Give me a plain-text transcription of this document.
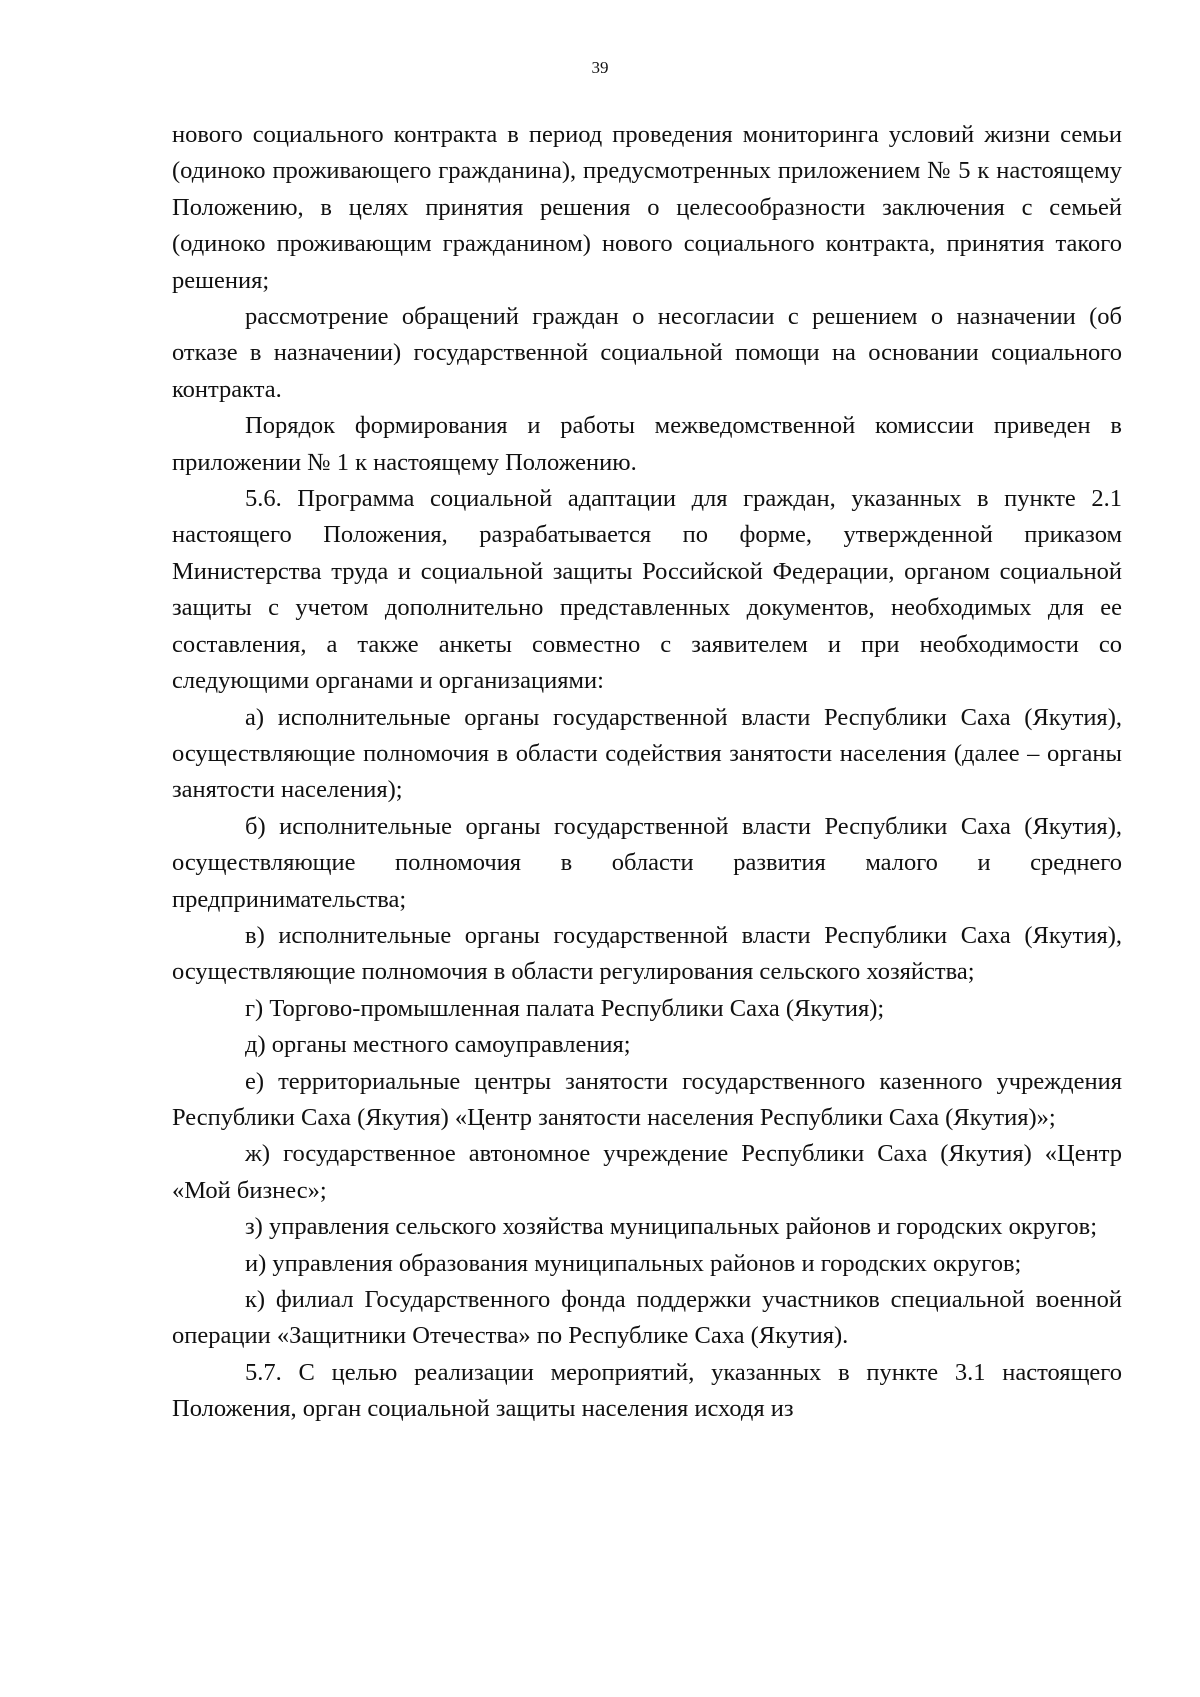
39

нового социального контракта в период проведения мониторинга условий жизни семьи (одиноко проживающего гражданина), предусмотренных приложением № 5 к настоящему Положению, в целях принятия решения о целесообразности заключения с семьей (одиноко проживающим гражданином) нового социального контракта, принятия такого решения;

рассмотрение обращений граждан о несогласии с решением о назначении (об отказе в назначении) государственной социальной помощи на основании социального контракта.

Порядок формирования и работы межведомственной комиссии приведен в приложении № 1 к настоящему Положению.

5.6. Программа социальной адаптации для граждан, указанных в пункте 2.1 настоящего Положения, разрабатывается по форме, утвержденной приказом Министерства труда и социальной защиты Российской Федерации, органом социальной защиты с учетом дополнительно представленных документов, необходимых для ее составления, а также анкеты совместно с заявителем и при необходимости со следующими органами и организациями:

а) исполнительные органы государственной власти Республики Саха (Якутия), осуществляющие полномочия в области содействия занятости населения (далее – органы занятости населения);

б) исполнительные органы государственной власти Республики Саха (Якутия), осуществляющие полномочия в области развития малого и среднего предпринимательства;

в) исполнительные органы государственной власти Республики Саха (Якутия), осуществляющие полномочия в области регулирования сельского хозяйства;

г) Торгово-промышленная палата Республики Саха (Якутия);

д) органы местного самоуправления;

е) территориальные центры занятости государственного казенного учреждения Республики Саха (Якутия) «Центр занятости населения Республики Саха (Якутия)»;

ж) государственное автономное учреждение Республики Саха (Якутия) «Центр «Мой бизнес»;

з) управления сельского хозяйства муниципальных районов и городских округов;

и) управления образования муниципальных районов и городских округов;

к) филиал Государственного фонда поддержки участников специальной военной операции «Защитники Отечества» по Республике Саха (Якутия).

5.7. С целью реализации мероприятий, указанных в пункте 3.1 настоящего Положения, орган социальной защиты населения исходя из
